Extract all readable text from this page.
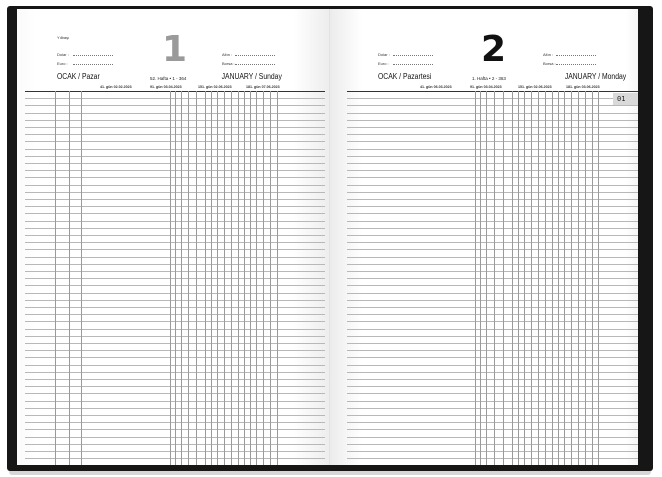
Yılbaşı
Dolar :
Euro :	1	Altın :
Borsa :
OCAK / Pazar	52. Hafta • 1 - 364	JANUARY / Sunday
41. gün 02.02.2023	91. gün 03.04.2023	151. gün 02.06.2023	181. gün 07.06.2023
Dolar :
Euro :	2	Altın :
Borsa :
OCAK / Pazartesi	1. Hafta • 2 - 363	JANUARY / Monday
41. gün 06.03.2023	91. gün 03.04.2023	151. gün 02.06.2023	181. gün 03.06.2023
01
